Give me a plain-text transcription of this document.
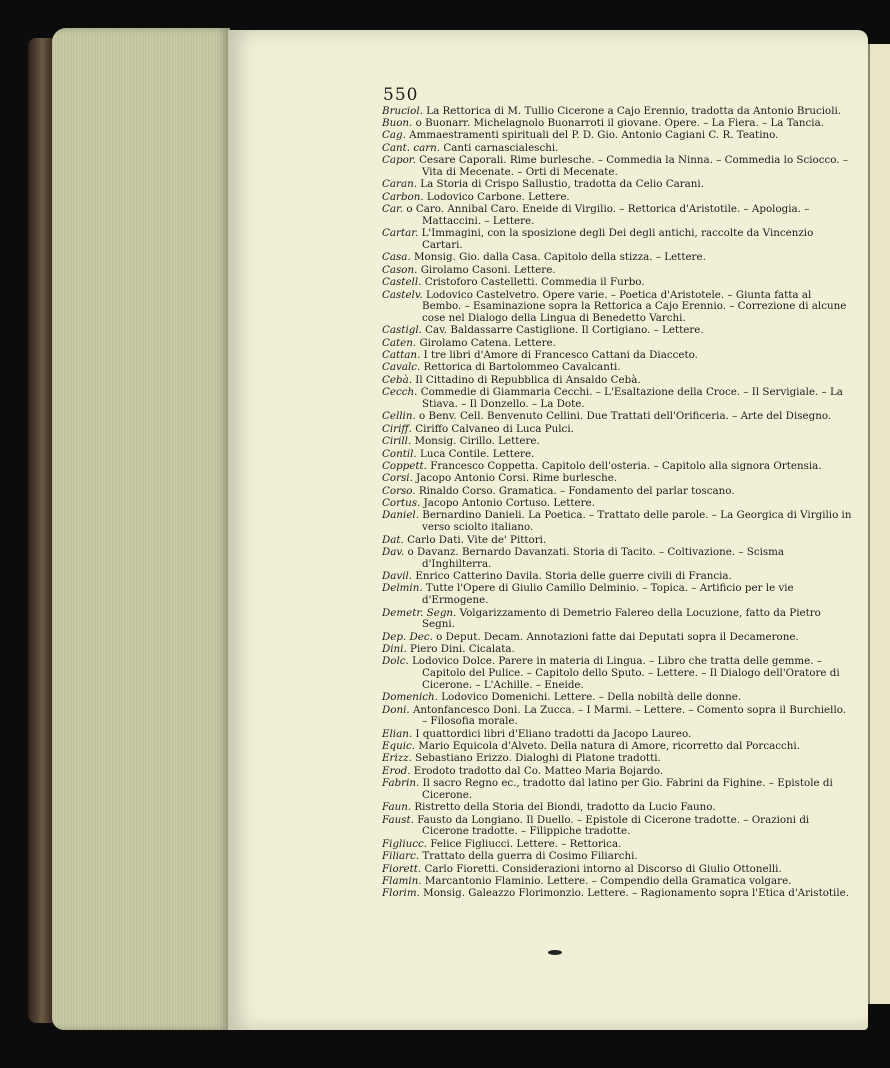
550
Bruciol. La Rettorica di M. Tullio Cicerone a Cajo Erennio, tradotta da Antonio Brucioli.
Buon. o Buonarr. Michelagnolo Buonarroti il giovane. Opere. – La Fiera. – La Tancia.
Cag. Ammaestramenti spirituali del P. D. Gio. Antonio Cagiani C. R. Teatino.
Cant. carn. Canti carnascialeschi.
Capor. Cesare Caporali. Rime burlesche. – Commedia la Ninna. – Commedia lo Sciocco. – Vita di Mecenate. – Orti di Mecenate.
Caran. La Storia di Crispo Sallustio, tradotta da Celio Carani.
Carbon. Lodovico Carbone. Lettere.
Car. o Caro. Annibal Caro. Eneide di Virgilio. – Rettorica d'Aristotile. – Apologia. – Mattaccini. – Lettere.
Cartar. L'Immagini, con la sposizione degli Dei degli antichi, raccolte da Vincenzio Cartari.
Casa. Monsig. Gio. dalla Casa. Capitolo della stizza. – Lettere.
Cason. Girolamo Casoni. Lettere.
Castell. Cristoforo Castelletti. Commedia il Furbo.
Castelv. Lodovico Castelvetro. Opere varie. – Poetica d'Aristotele. – Giunta fatta al Bembo. – Esaminazione sopra la Rettorica a Cajo Erennio. – Correzione di alcune cose nel Dialogo della Lingua di Benedetto Varchi.
Castigl. Cav. Baldassarre Castiglione. Il Cortigiano. – Lettere.
Caten. Girolamo Catena. Lettere.
Cattan. I tre libri d'Amore di Francesco Cattani da Diacceto.
Cavalc. Rettorica di Bartolommeo Cavalcanti.
Cebà. Il Cittadino di Repubblica di Ansaldo Cebà.
Cecch. Commedie di Giammaria Cecchi. – L'Esaltazione della Croce. – Il Servigiale. – La Stiava. – Il Donzello. – La Dote.
Cellin. o Benv. Cell. Benvenuto Cellini. Due Trattati dell'Orificeria. – Arte del Disegno.
Ciriff. Ciriffo Calvaneo di Luca Pulci.
Cirill. Monsig. Cirillo. Lettere.
Contil. Luca Contile. Lettere.
Coppett. Francesco Coppetta. Capitolo dell'osteria. – Capitolo alla signora Ortensia.
Corsi. Jacopo Antonio Corsi. Rime burlesche.
Corso. Rinaldo Corso. Gramatica. – Fondamento del parlar toscano.
Cortus. Jacopo Antonio Cortuso. Lettere.
Daniel. Bernardino Danieli. La Poetica. – Trattato delle parole. – La Georgica di Virgilio in verso sciolto italiano.
Dat. Carlo Dati. Vite de' Pittori.
Dav. o Davanz. Bernardo Davanzati. Storia di Tacito. – Coltivazione. – Scisma d'Inghilterra.
Davil. Enrico Catterino Davila. Storia delle guerre civili di Francia.
Delmin. Tutte l'Opere di Giulio Camillo Delminio. – Topica. – Artificio per le vie d'Ermogene.
Demetr. Segn. Volgarizzamento di Demetrio Falereo della Locuzione, fatto da Pietro Segni.
Dep. Dec. o Deput. Decam. Annotazioni fatte dai Deputati sopra il Decamerone.
Dini. Piero Dini. Cicalata.
Dolc. Lodovico Dolce. Parere in materia di Lingua. – Libro che tratta delle gemme. – Capitolo del Pulice. – Capitolo dello Sputo. – Lettere. – Il Dialogo dell'Oratore di Cicerone. – L'Achille. – Eneide.
Domenich. Lodovico Domenichi. Lettere. – Della nobiltà delle donne.
Doni. Antonfancesco Doni. La Zucca. – I Marmi. – Lettere. – Comento sopra il Burchiello. – Filosofia morale.
Elian. I quattordici libri d'Eliano tradotti da Jacopo Laureo.
Equic. Mario Equicola d'Alveto. Della natura di Amore, ricorretto dal Porcacchi.
Erizz. Sebastiano Erizzo. Dialoghi di Platone tradotti.
Erod. Erodoto tradotto dal Co. Matteo Maria Bojardo.
Fabrin. Il sacro Regno ec., tradotto dal latino per Gio. Fabrini da Fighine. – Epistole di Cicerone.
Faun. Ristretto della Storia del Biondi, tradotto da Lucio Fauno.
Faust. Fausto da Longiano. Il Duello. – Epistole di Cicerone tradotte. – Orazioni di Cicerone tradotte. – Filippiche tradotte.
Figliucc. Felice Figliucci. Lettere. – Rettorica.
Filiarc. Trattato della guerra di Cosimo Filiarchi.
Fiorett. Carlo Fioretti. Considerazioni intorno al Discorso di Giulio Ottonelli.
Flamin. Marcantonio Flaminio. Lettere. – Compendio della Gramatica volgare.
Florim. Monsig. Galeazzo Florimonzio. Lettere. – Ragionamento sopra l'Etica d'Aristotile.
